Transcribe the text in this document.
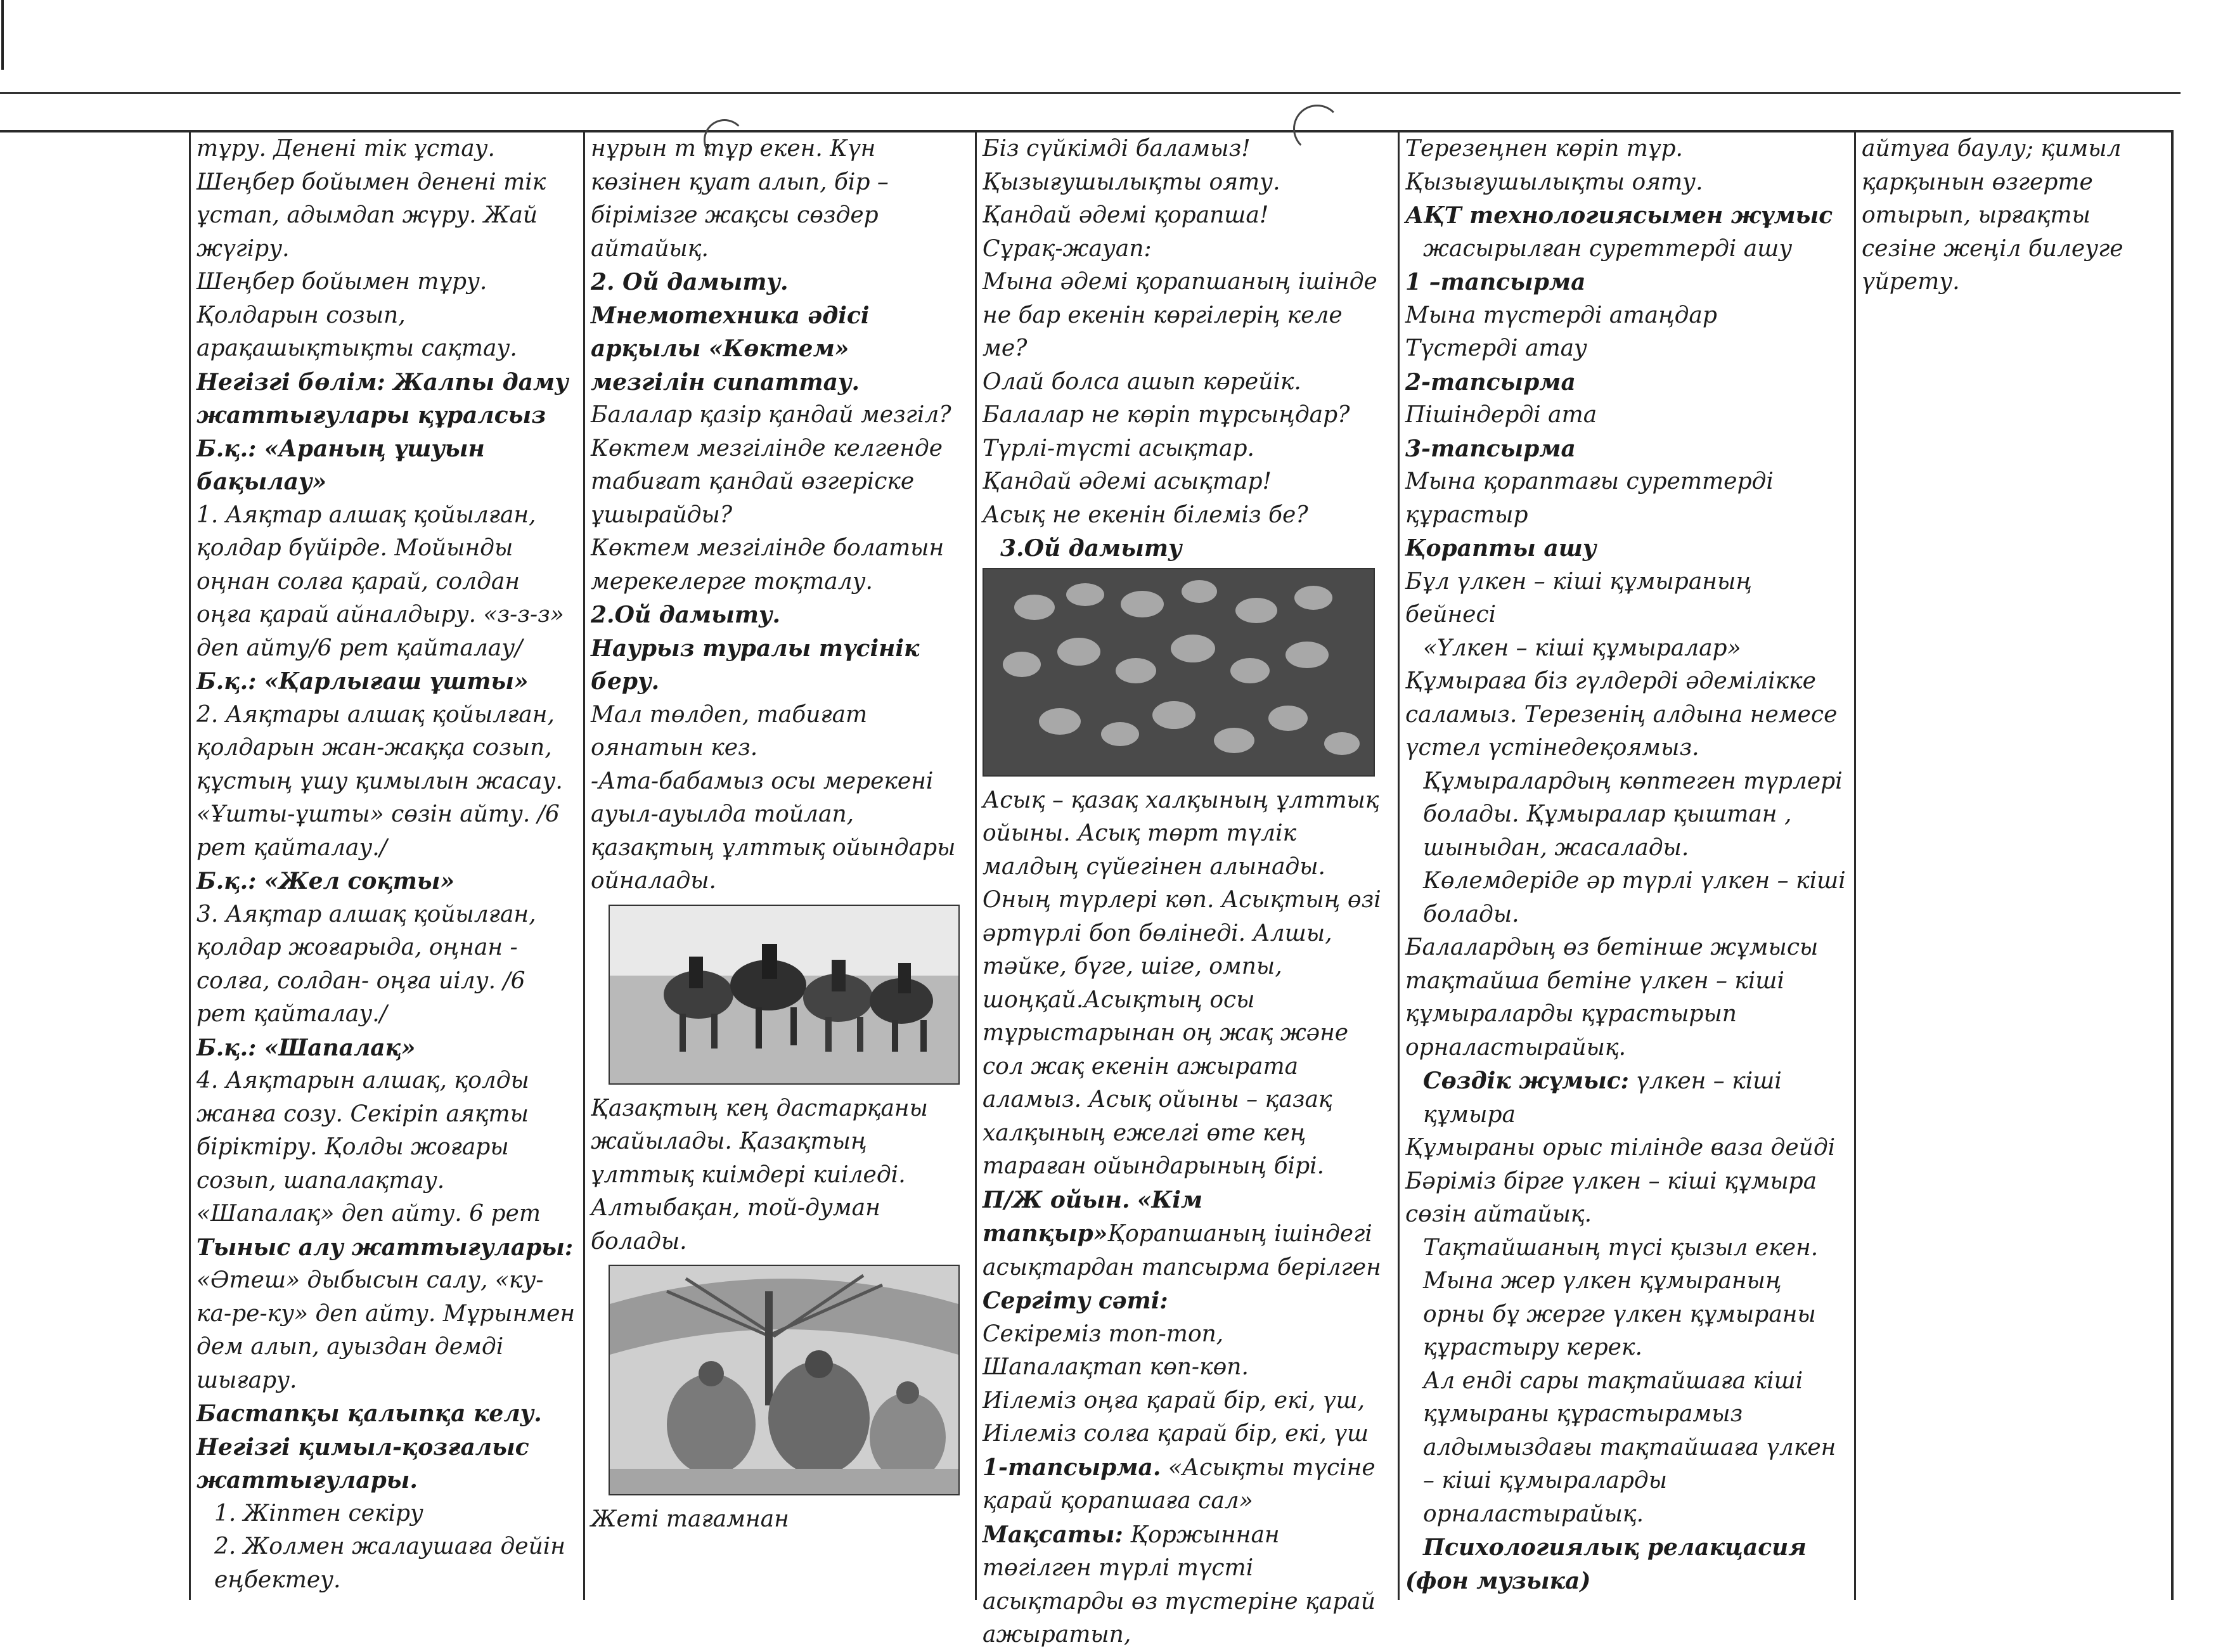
тұру. Денені тік ұстау.

Шеңбер бойымен денені тік ұстап, адымдап жүру. Жай жүгіру.

Шеңбер бойымен тұру. Қолдарын созып, арақашықтықты сақтау.

Негізгі бөлім: Жалпы даму жаттығулары құралсыз

Б.қ.: «Араның ұшуын бақылау»

1. Аяқтар алшақ қойылған, қолдар бүйірде. Мойынды оңнан солға қарай, солдан оңға қарай айналдыру. «з-з-з» деп айту/6 рет қайталау/

Б.қ.: «Қарлығаш ұшты»

2. Аяқтары алшақ қойылған, қолдарын жан-жаққа созып, құстың ұшу қимылын жасау. «Ұшты-ұшты» сөзін айту. /6 рет қайталау./

Б.қ.: «Жел соқты»

3. Аяқтар алшақ қойылған, қолдар жоғарыда, оңнан - солға, солдан- оңға иілу. /6 рет қайталау./

Б.қ.: «Шапалақ»

4. Аяқтарын алшақ, қолды жанға созу. Секіріп аяқты біріктіру. Қолды жоғары созып, шапалақтау. «Шапалақ» деп айту. 6 рет

Тыныс алу жаттығулары:

«Әтеш» дыбысын салу, «ку-ка-ре-ку» деп айту. Мұрынмен дем алып, ауыздан демді шығару.

Бастапқы қалыпқа келу.

Негізгі қимыл-қозғалыс жаттығулары.

1. Жіптен секіру

2. Жолмен жалаушаға дейін еңбектеу.

нұрын т тұр екен. Күн көзінен қуат алып, бір – бірімізге жақсы сөздер айтайық.

2. Ой дамыту.

Мнемотехника әдісі арқылы «Көктем» мезгілін сипаттау.

Балалар қазір қандай мезгіл?

Көктем мезгілінде келгенде табиғат қандай өзгеріске ұшырайды?

Көктем мезгілінде болатын мерекелерге тоқталу.

2.Ой дамыту.

Наурыз туралы түсінік беру.

Мал төлдеп, табиғат оянатын кез.

-Ата-бабамыз осы мерекені ауыл-ауылда тойлап, қазақтың ұлттық ойындары ойналады.

Қазақтың кең дастарқаны жайылады. Қазақтың ұлттық киімдері киіледі. Алтыбақан, той-думан болады.

Жеті тағамнан

Біз сүйкімді баламыз!

Қызығушылықты ояту.

Қандай әдемі қорапша!

Сұрақ-жауап:

Мына әдемі қорапшаның ішінде не бар екенін көргілерің келе ме?

Олай болса ашып көрейік.

Балалар не көріп тұрсыңдар?

Түрлі-түсті асықтар.

Қандай әдемі асықтар!

Асық не екенін білеміз бе?

3.Ой дамыту

Асық – қазақ халқының ұлттық ойыны. Асық төрт түлік малдың сүйегінен алынады. Оның түрлері көп. Асықтың өзі әртүрлі боп бөлінеді. Алшы, тәйке, бүге, шіге, омпы, шоңқай.Асықтың осы тұрыстарынан оң жақ және сол жақ екенін ажырата аламыз. Асық ойыны – қазақ халқының ежелгі өте кең тараған ойындарының бірі.

П/Ж ойын. «Кім тапқыр»Қорапшаның ішіндегі асықтардан тапсырма берілген

Сергіту сәті:

Секіреміз топ-топ,

Шапалақтап көп-көп.

Иілеміз оңға қарай бір, екі, үш,

Иілеміз солға қарай бір, екі, үш

1-тапсырма. «Асықты түсіне қарай қорапшаға сал»

Мақсаты: Қоржыннан төгілген түрлі түсті асықтарды өз түстеріне қарай ажыратып,

Терезеңнен көріп тұр.

Қызығушылықты ояту.

АҚТ технологиясымен жұмыс

жасырылған суреттерді ашу

1 –тапсырма

Мына түстерді атаңдар

Түстерді атау

2-тапсырма

Пішіндерді ата

3-тапсырма

Мына қораптағы суреттерді құрастыр

Қорапты ашу

Бұл үлкен – кіші құмыраның бейнесі

«Үлкен – кіші құмыралар»

Құмыраға біз гүлдерді әдемілікке саламыз. Терезенің алдына немесе үстел үстінедеқоямыз.

Құмыралардың көптеген түрлері болады. Құмыралар қыштан , шыныдан, жасалады. Көлемдеріде әр түрлі үлкен – кіші болады.

Балалардың өз бетінше жұмысы тақтайша бетіне үлкен – кіші құмыраларды құрастырып орналастырайық.

Сөздік жұмыс: үлкен – кіші құмыра

Құмыраны орыс тілінде ваза дейді Бәріміз бірге үлкен – кіші құмыра сөзін айтайық.

Тақтайшаның түсі қызыл екен. Мына жер үлкен құмыраның орны бұ жерге үлкен құмыраны құрастыру керек.

Ал енді сары тақтайшаға кіші құмыраны құрастырамыз алдымыздағы тақтайшаға үлкен – кіші құмыраларды орналастырайық.

Психологиялық релакцасия

(фон музыка)

айтуға баулу; қимыл қарқынын өзгерте отырып, ырғақты сезіне жеңіл билеуге үйрету.
